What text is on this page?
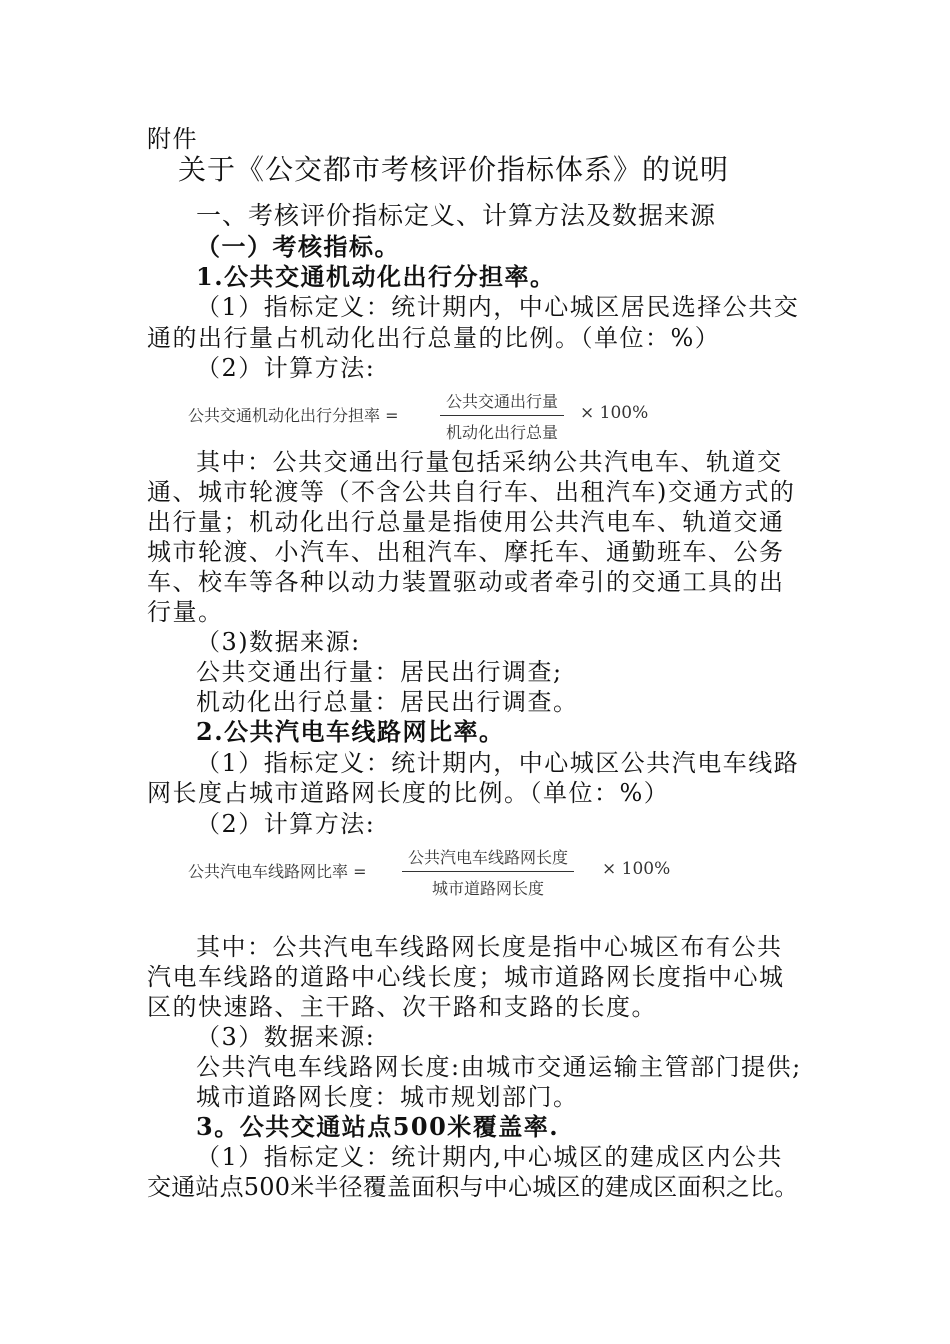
附件
关于《公交都市考核评价指标体系》的说明
一、考核评价指标定义、计算方法及数据来源
（一）考核指标。
1.公共交通机动化出行分担率。
（1）指标定义：统计期内，中心城区居民选择公共交
通的出行量占机动化出行总量的比例。（单位：%）
（2）计算方法:
公共交通机动化出行分担率 =
公共交通出行量
机动化出行总量
× 100%
其中：公共交通出行量包括采纳公共汽电车、轨道交
通、城市轮渡等（不含公共自行车、出租汽车)交通方式的
出行量；机动化出行总量是指使用公共汽电车、轨道交通
城市轮渡、小汽车、出租汽车、摩托车、通勤班车、公务
车、校车等各种以动力装置驱动或者牵引的交通工具的出
行量。
（3)数据来源:
公共交通出行量：居民出行调查;
机动化出行总量：居民出行调查。
2.公共汽电车线路网比率。
（1）指标定义：统计期内，中心城区公共汽电车线路
网长度占城市道路网长度的比例。（单位：%）
（2）计算方法:
公共汽电车线路网比率 =
公共汽电车线路网长度
城市道路网长度
× 100%
其中：公共汽电车线路网长度是指中心城区布有公共
汽电车线路的道路中心线长度；城市道路网长度指中心城
区的快速路、主干路、次干路和支路的长度。
（3）数据来源:
公共汽电车线路网长度:由城市交通运输主管部门提供;
城市道路网长度：城市规划部门。
3。公共交通站点500米覆盖率.
（1）指标定义：统计期内,中心城区的建成区内公共
交通站点500米半径覆盖面积与中心城区的建成区面积之比。
